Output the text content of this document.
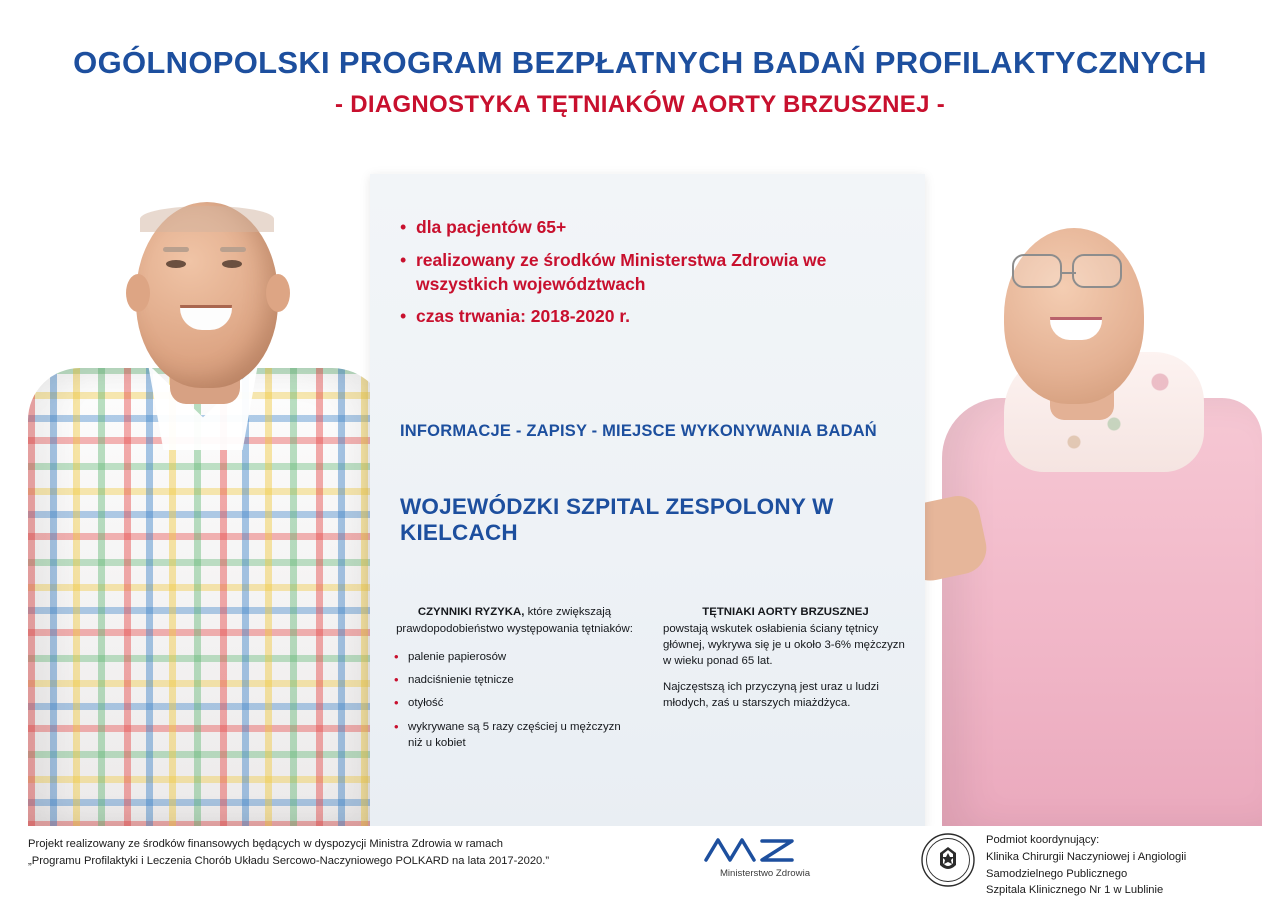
OGÓLNOPOLSKI PROGRAM BEZPŁATNYCH BADAŃ PROFILAKTYCZNYCH
- DIAGNOSTYKA TĘTNIAKÓW AORTY BRZUSZNEJ -
• dla pacjentów 65+
• realizowany ze środków Ministerstwa Zdrowia we wszystkich województwach
• czas trwania: 2018-2020 r.
INFORMACJE - ZAPISY - MIEJSCE WYKONYWANIA BADAŃ
WOJEWÓDZKI SZPITAL ZESPOLONY W KIELCACH
CZYNNIKI RYZYKA, które zwiększają prawdopodobieństwo występowania tętniaków:
• palenie papierosów
• nadciśnienie tętnicze
• otyłość
• wykrywane są 5 razy częściej u mężczyzn niż u kobiet
TĘTNIAKI AORTY BRZUSZNEJ

powstają wskutek osłabienia ściany tętnicy głównej, wykrywa się je u około 3-6% mężczyzn w wieku ponad 65 lat.

Najczęstszą ich przyczyną jest uraz u ludzi młodych, zaś u starszych miażdżyca.

Projekt realizowany ze środków finansowych będących w dyspozycji Ministra Zdrowia w ramach
„Programu Profilaktyki i Leczenia Chorób Układu Sercowo-Naczyniowego POLKARD na lata 2017-2020.”
Ministerstwo Zdrowia
Podmiot koordynujący:
Klinika Chirurgii Naczyniowej i Angiologii
Samodzielnego Publicznego
Szpitala Klinicznego Nr 1 w Lublinie
